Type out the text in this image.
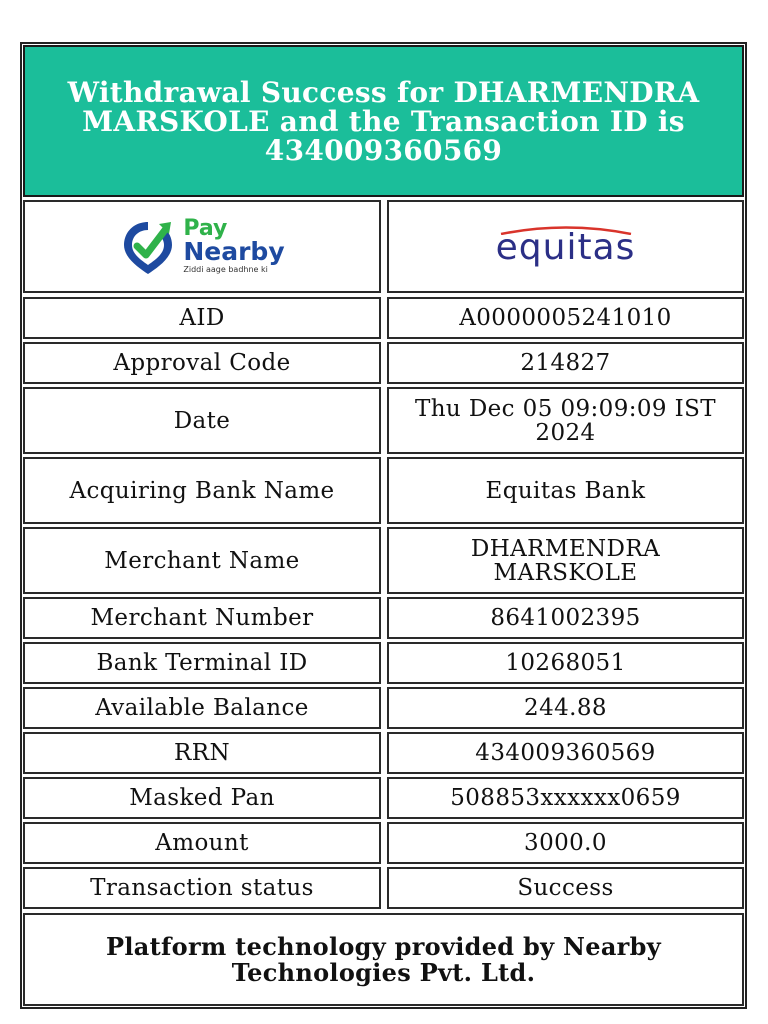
Withdrawal Success for DHARMENDRA MARSKOLE and the Transaction ID is 434009360569
Pay
Nearby
Ziddi aage badhne ki
equitas
AID	A0000005241010
Approval Code	214827
Date	Thu Dec 05 09:09:09 IST 2024
Acquiring Bank Name	Equitas Bank
Merchant Name	DHARMENDRA MARSKOLE
Merchant Number	8641002395
Bank Terminal ID	10268051
Available Balance	244.88
RRN	434009360569
Masked Pan	508853xxxxxx0659
Amount	3000.0
Transaction status	Success
Platform technology provided by Nearby Technologies Pvt. Ltd.
